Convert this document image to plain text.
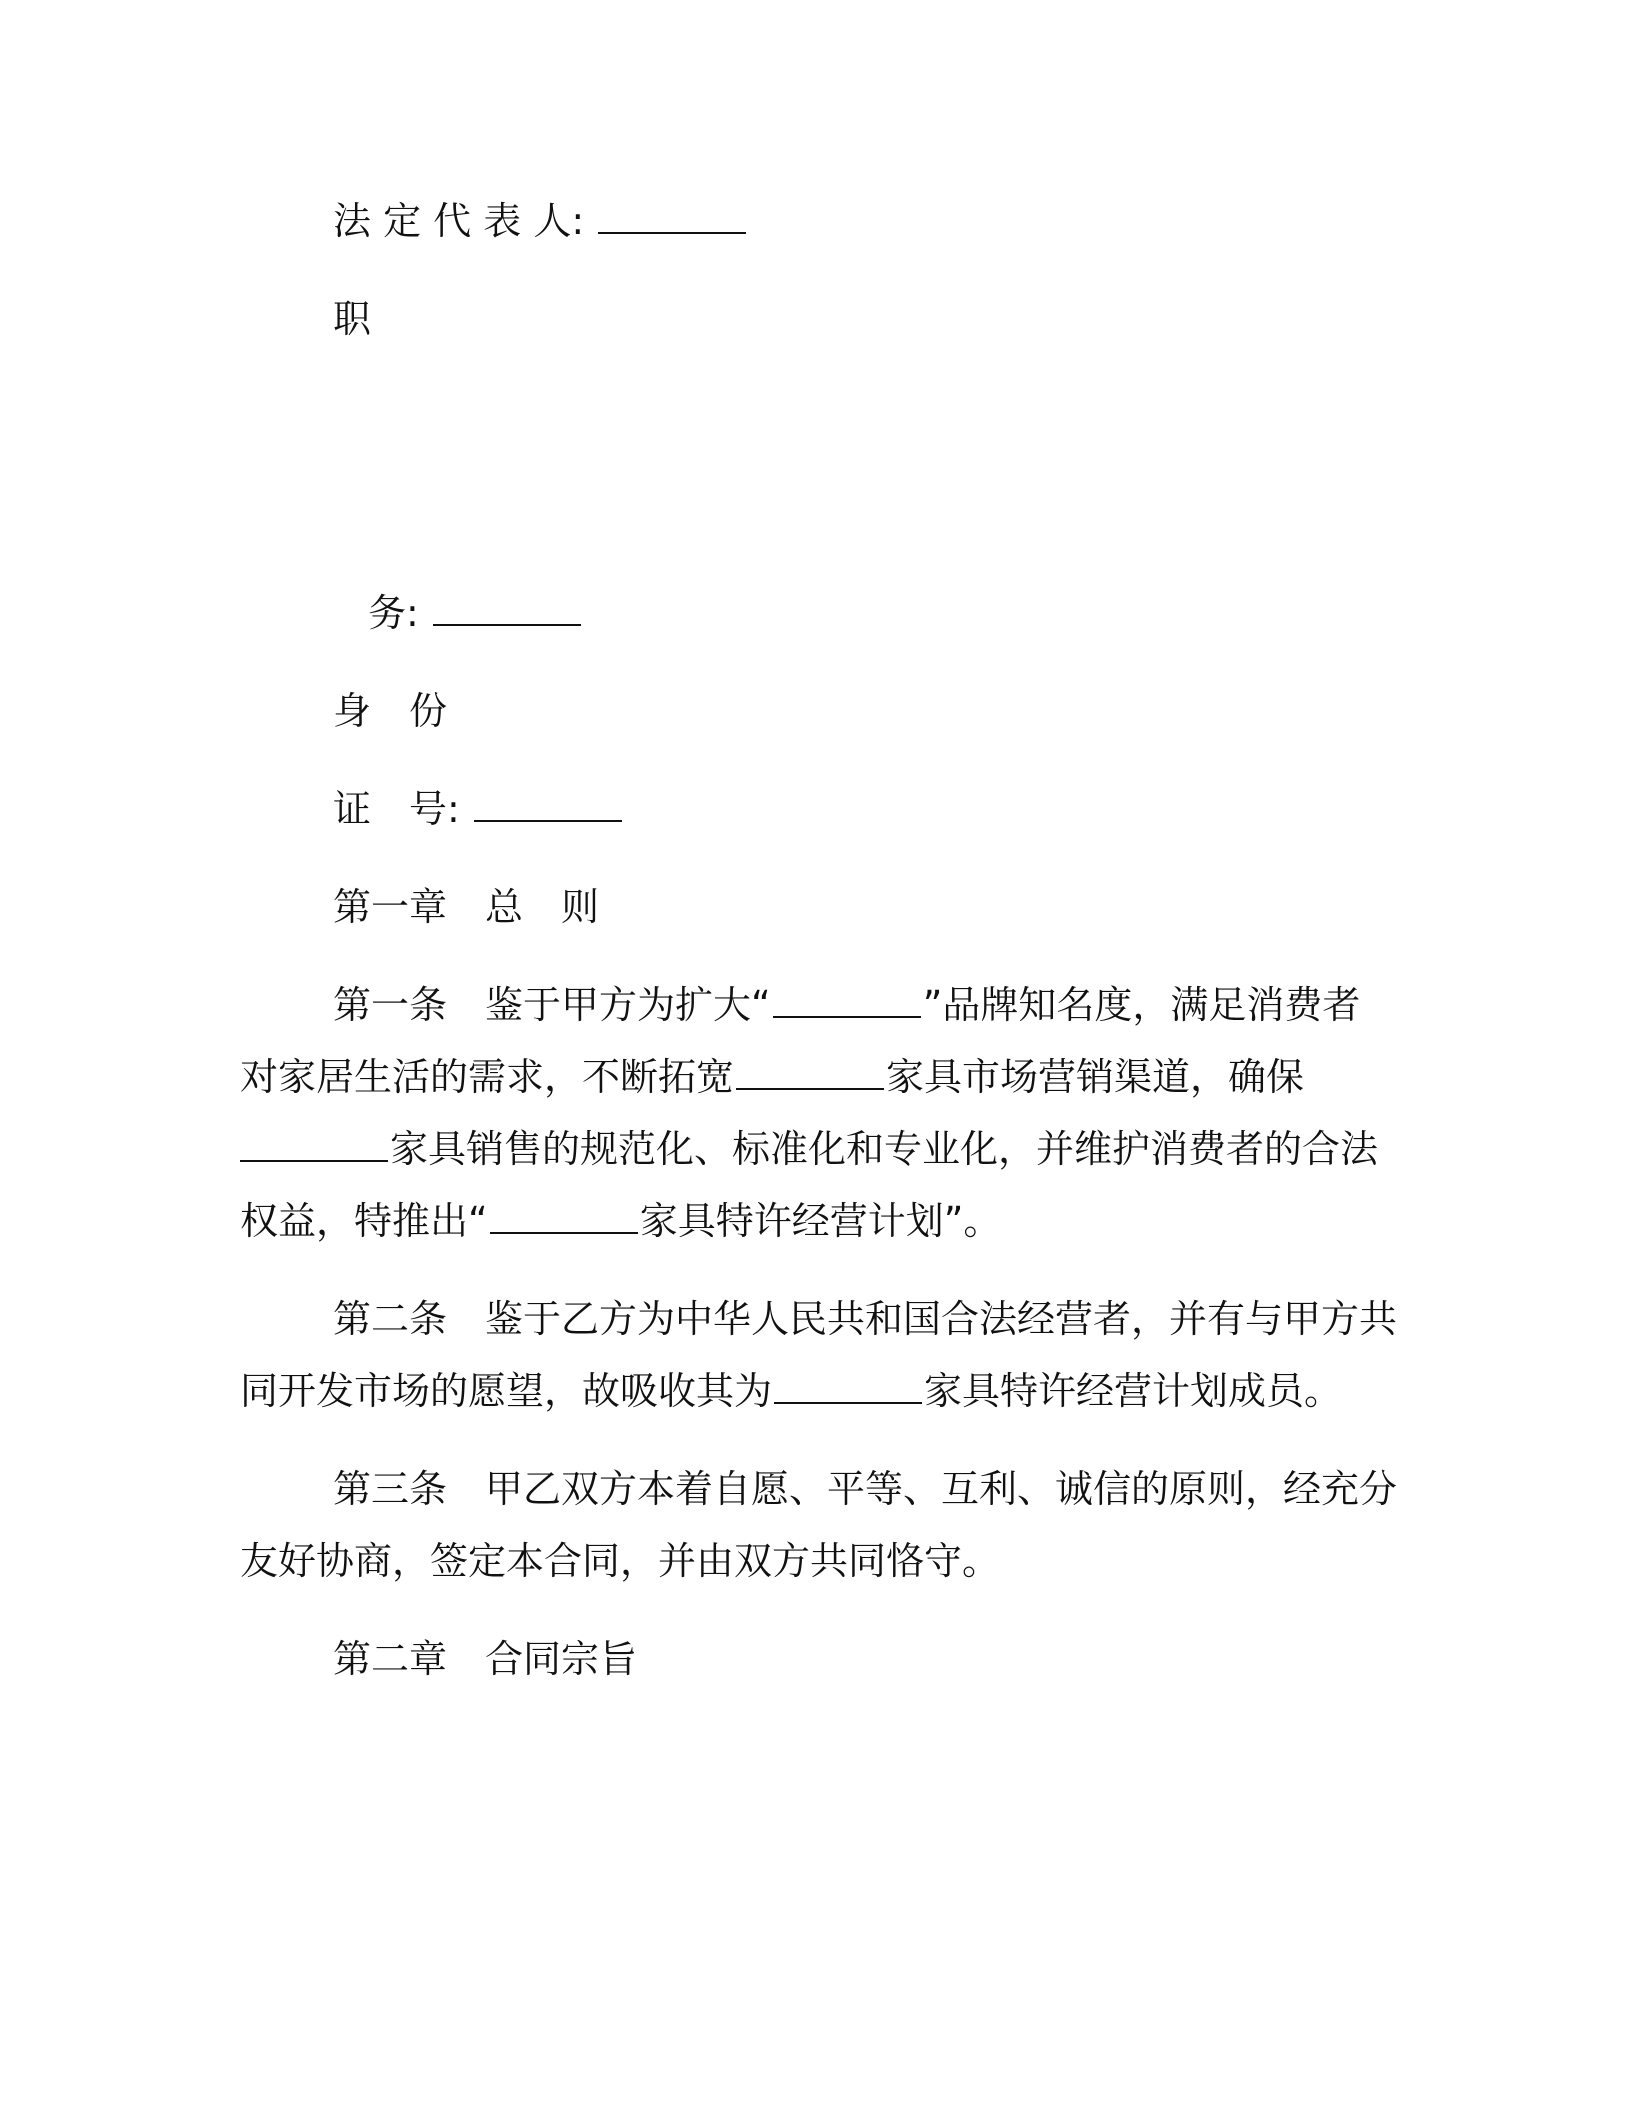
法 定 代 表 人:
职
务:
身　份
证　号:
第一章　总　则
第一条　鉴于甲方为扩大“	”品牌知名度，满足消费者
对家居生活的需求，不断拓宽	家具市场营销渠道，确保
家具销售的规范化、标准化和专业化，并维护消费者的合法
权益，特推出“	家具特许经营计划”。
第二条　鉴于乙方为中华人民共和国合法经营者，并有与甲方共
同开发市场的愿望，故吸收其为	家具特许经营计划成员。
第三条　甲乙双方本着自愿、平等、互利、诚信的原则，经充分
友好协商，签定本合同，并由双方共同恪守。
第二章　合同宗旨
